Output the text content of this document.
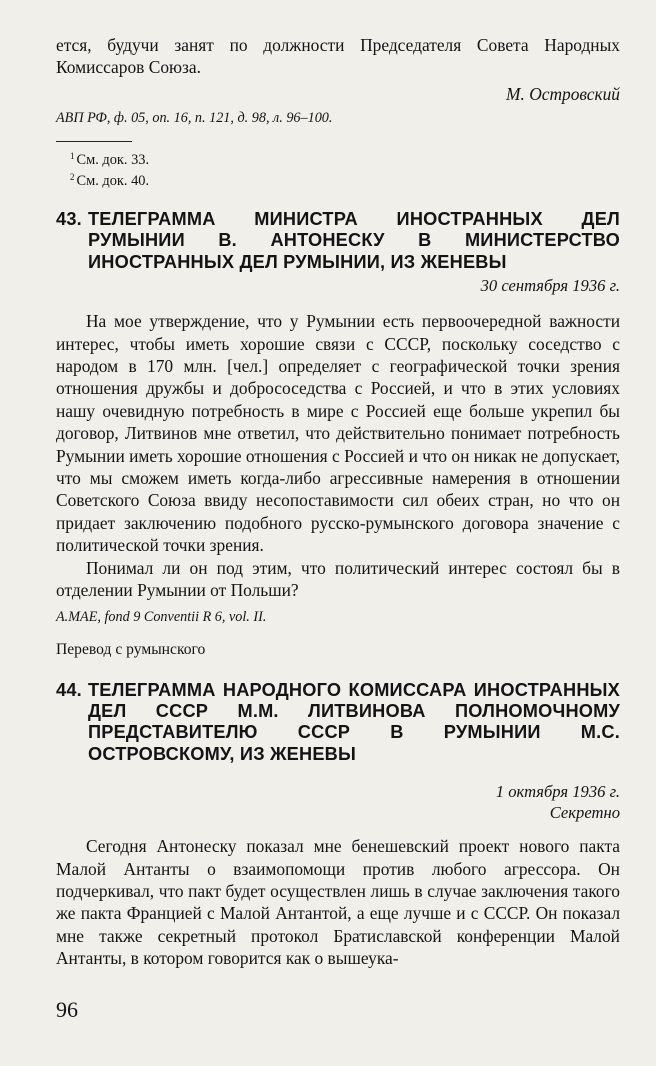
ется, будучи занят по должности Председателя Совета Народных Комиссаров Союза.

М. Островский

АВП РФ, ф. 05, оп. 16, п. 121, д. 98, л. 96–100.

$^1$ См. док. 33.
$^2$ См. док. 40.
43. ТЕЛЕГРАММА МИНИСТРА ИНОСТРАННЫХ ДЕЛ РУМЫНИИ В. АНТОНЕСКУ В МИНИСТЕРСТВО ИНОСТРАННЫХ ДЕЛ РУМЫНИИ, ИЗ ЖЕНЕВЫ

30 сентября 1936 г.

На мое утверждение, что у Румынии есть первоочередной важности интерес, чтобы иметь хорошие связи с СССР, поскольку соседство с народом в 170 млн. [чел.] определяет с географической точки зрения отношения дружбы и добрососедства с Россией, и что в этих условиях нашу очевидную потребность в мире с Россией еще больше укрепил бы договор, Литвинов мне ответил, что действительно понимает потребность Румынии иметь хорошие отношения с Россией и что он никак не допускает, что мы сможем иметь когда-либо агрессивные намерения в отношении Советского Союза ввиду несопоставимости сил обеих стран, но что он придает заключению подобного русско-румынского договора значение с политической точки зрения.

Понимал ли он под этим, что политический интерес состоял бы в отделении Румынии от Польши?

A.MAE, fond 9 Conventii R 6, vol. II.

Перевод с румынского

44. ТЕЛЕГРАММА НАРОДНОГО КОМИССАРА ИНОСТРАННЫХ ДЕЛ СССР М.М. ЛИТВИНОВА ПОЛНОМОЧНОМУ ПРЕДСТАВИТЕЛЮ СССР В РУМЫНИИ М.С. ОСТРОВСКОМУ, ИЗ ЖЕНЕВЫ

1 октября 1936 г.

Секретно

Сегодня Антонеску показал мне бенешевский проект нового пакта Малой Антанты о взаимопомощи против любого агрессора. Он подчеркивал, что пакт будет осуществлен лишь в случае заключения такого же пакта Францией с Малой Антантой, а еще лучше и с СССР. Он показал мне также секретный протокол Братиславской конференции Малой Антанты, в котором говорится как о вышеука-

96
